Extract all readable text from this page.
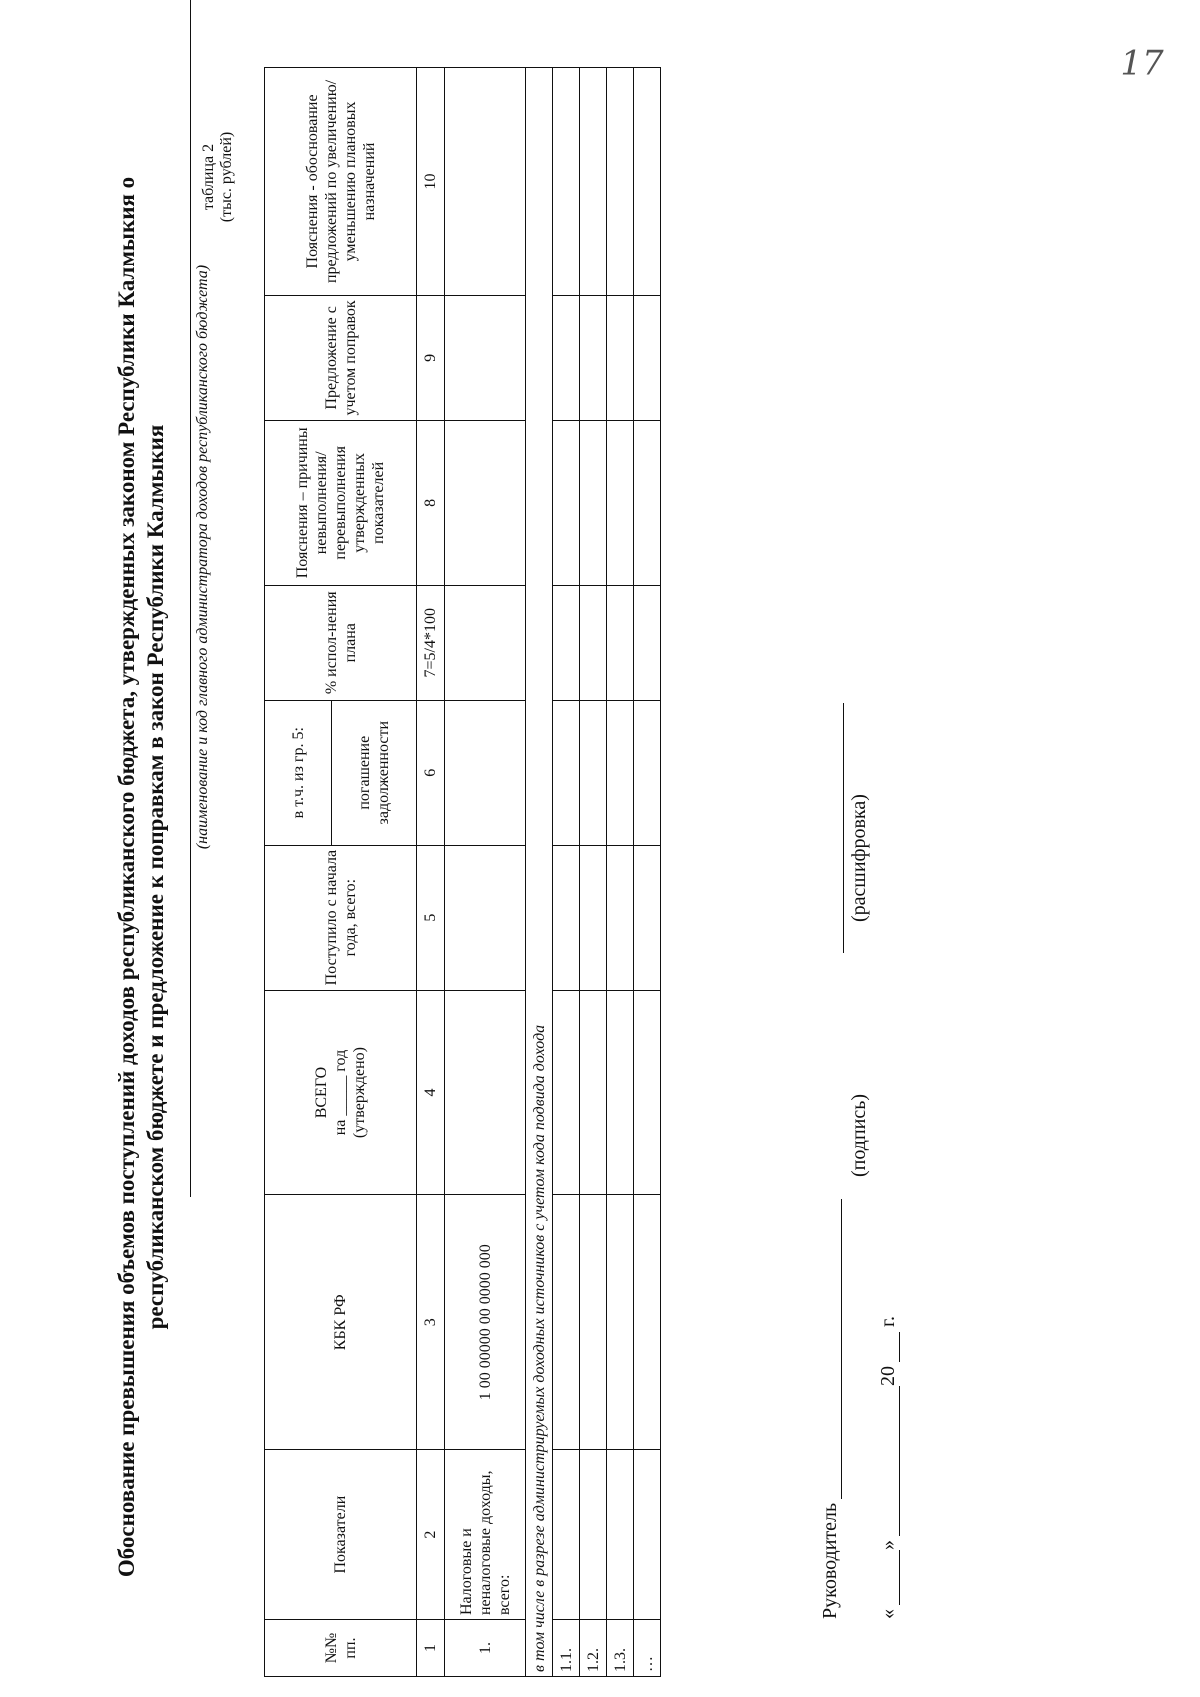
17
Обоснование превышения объемов поступлений доходов республиканского бюджета, утвержденных законом Республики Калмыкия о республиканском бюджете и предложение к поправкам в закон Республики Калмыкия (наименование и код главного администратора доходов республиканского бюджета)
таблица 2 (тыс. рублей)
№№ пп.	Показатели	КБК РФ	ВСЕГО на _____ год (утверждено)	Поступило с начала года, всего:	в т.ч. из гр. 5:	% испол-нения плана	Пояснения – причины невыполнения/ перевыполнения утвержденных показателей	Предложение с учетом поправок	Пояснения - обоснование предложений по увеличению/уменьшению плановых назначений
					погашение задолженности				
1	2	3	4	5	6	7=5/4*100	8	9	10
1.	Налоговые и неналоговые доходы, всего:	1 00 00000 00 0000 000							
в том числе в разрезе администрируемых доходных источников с учетом кода подвида дохода									
1.1.									
1.2.									
1.3.									
…									
Руководитель
(подпись)
(расшифровка)
«»20 г.
